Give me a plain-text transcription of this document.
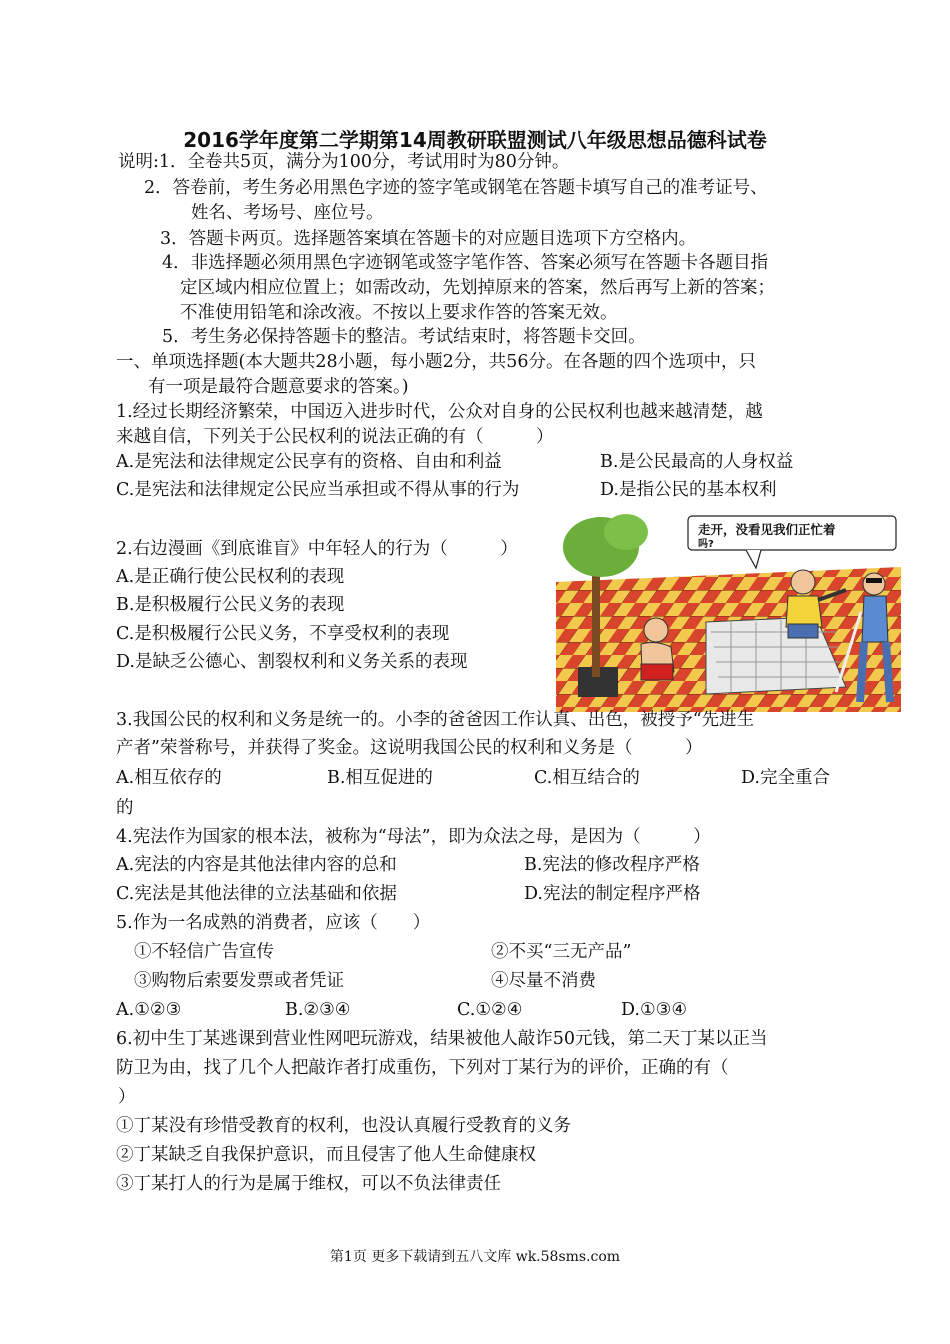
2016学年度第二学期第14周教研联盟测试八年级思想品德科试卷
说明:1．全卷共5页，满分为100分，考试用时为80分钟。
2．答卷前，考生务必用黑色字迹的签字笔或钢笔在答题卡填写自己的准考证号、
姓名、考场号、座位号。
3．答题卡两页。选择题答案填在答题卡的对应题目选项下方空格内。
4．非选择题必须用黑色字迹钢笔或签字笔作答、答案必须写在答题卡各题目指
定区域内相应位置上；如需改动，先划掉原来的答案，然后再写上新的答案；
不准使用铅笔和涂改液。不按以上要求作答的答案无效。
5．考生务必保持答题卡的整洁。考试结束时，将答题卡交回。
一、单项选择题(本大题共28小题，每小题2分，共56分。在各题的四个选项中，只
有一项是最符合题意要求的答案。)
1.经过长期经济繁荣，中国迈入进步时代，公众对自身的公民权利也越来越清楚，越
来越自信，下列关于公民权利的说法正确的有（　　　）
A.是宪法和法律规定公民享有的资格、自由和利益	B.是公民最高的人身权益
C.是宪法和法律规定公民应当承担或不得从事的行为	D.是指公民的基本权利
2.右边漫画《到底谁盲》中年轻人的行为（　　　）
A.是正确行使公民权利的表现
B.是积极履行公民义务的表现
C.是积极履行公民义务，不享受权利的表现
D.是缺乏公德心、割裂权利和义务关系的表现
走开，没看见我们正忙着
吗?
3.我国公民的权利和义务是统一的。小李的爸爸因工作认真、出色，被授予“先进生
产者”荣誉称号，并获得了奖金。这说明我国公民的权利和义务是（　　　）
A.相互依存的	B.相互促进的	C.相互结合的	D.完全重合
的
4.宪法作为国家的根本法，被称为“母法”，即为众法之母，是因为（　　　）
A.宪法的内容是其他法律内容的总和	B.宪法的修改程序严格
C.宪法是其他法律的立法基础和依据	D.宪法的制定程序严格
5.作为一名成熟的消费者，应该（　　）
①不轻信广告宣传	②不买“三无产品”
③购物后索要发票或者凭证	④尽量不消费
A.①②③	B.②③④	C.①②④	D.①③④
6.初中生丁某逃课到营业性网吧玩游戏，结果被他人敲诈50元钱，第二天丁某以正当
防卫为由，找了几个人把敲诈者打成重伤，下列对丁某行为的评价，正确的有（
）
①丁某没有珍惜受教育的权利，也没认真履行受教育的义务
②丁某缺乏自我保护意识，而且侵害了他人生命健康权
③丁某打人的行为是属于维权，可以不负法律责任
第1页 更多下载请到五八文库 wk.58sms.com
